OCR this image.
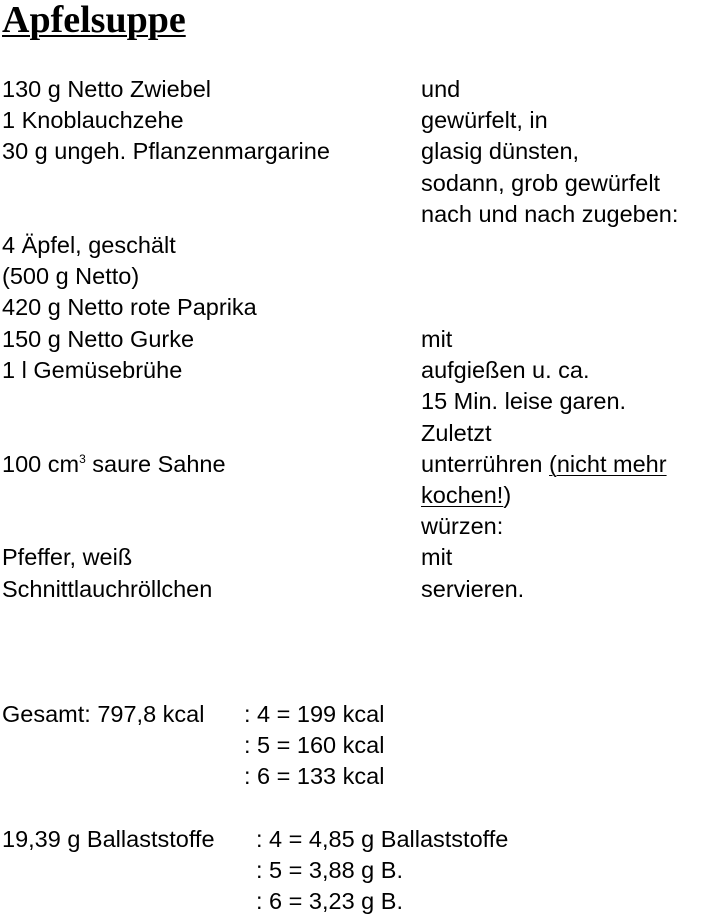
Apfelsuppe
130 g Netto Zwiebel
1 Knoblauchzehe
30 g ungeh. Pflanzenmargarine
4 Äpfel, geschält
(500 g Netto)
420 g Netto rote Paprika
150 g Netto Gurke
1 l Gemüsebrühe
100 $cm^3$ saure Sahne
Pfeffer, weiß
Schnittlauchröllchen
und
gewürfelt, in
glasig dünsten,
sodann, grob gewürfelt
nach und nach zugeben:
mit
aufgießen u. ca.
15 Min. leise garen.
Zuletzt
unterrühren (nicht mehr
kochen!)
würzen:
mit
servieren.
Gesamt: 797,8 kcal : 4 = 199 kcal
: 5 = 160 kcal
: 6 = 133 kcal
19,39 g Ballaststoffe : 4 = 4,85 g Ballaststoffe
: 5 = 3,88 g B.
: 6 = 3,23 g B.
